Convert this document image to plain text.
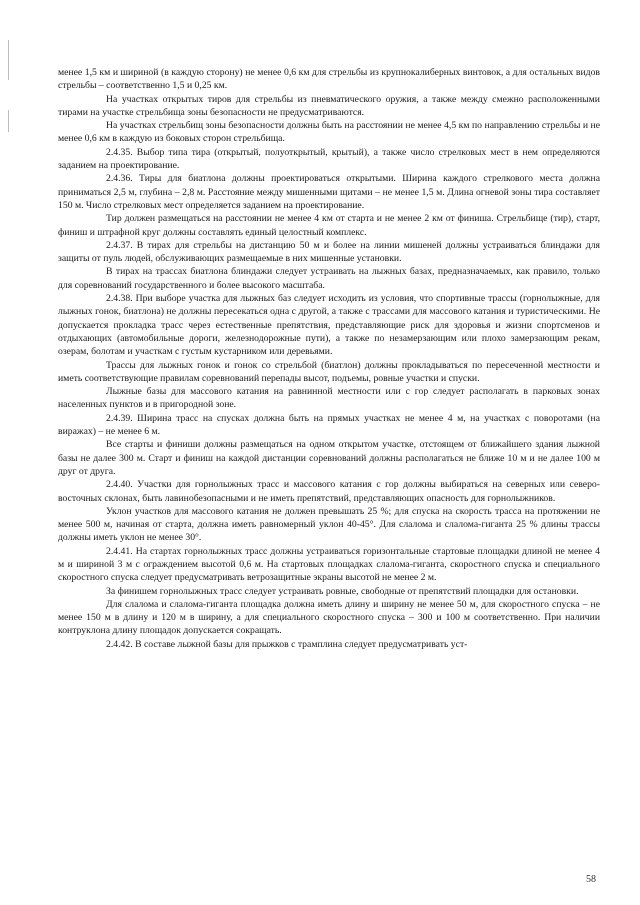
менее 1,5 км и шириной (в каждую сторону) не менее 0,6 км для стрельбы из крупнокалиберных винтовок, а для остальных видов стрельбы – соответственно 1,5 и 0,25 км.

На участках открытых тиров для стрельбы из пневматического оружия, а также между смежно расположенными тирами на участке стрельбища зоны безопасности не предусматриваются.

На участках стрельбищ зоны безопасности должны быть на расстоянии не менее 4,5 км по направлению стрельбы и не менее 0,6 км в каждую из боковых сторон стрельбища.

2.4.35. Выбор типа тира (открытый, полуоткрытый, крытый), а также число стрелковых мест в нем определяются заданием на проектирование.

2.4.36. Тиры для биатлона должны проектироваться открытыми. Ширина каждого стрелкового места должна приниматься 2,5 м, глубина – 2,8 м. Расстояние между мишенными щитами – не менее 1,5 м. Длина огневой зоны тира составляет 150 м. Число стрелковых мест определяется заданием на проектирование.

Тир должен размещаться на расстоянии не менее 4 км от старта и не менее 2 км от финиша. Стрельбище (тир), старт, финиш и штрафной круг должны составлять единый целостный комплекс.

2.4.37. В тирах для стрельбы на дистанцию 50 м и более на линии мишеней должны устраиваться блиндажи для защиты от пуль людей, обслуживающих размещаемые в них мишенные установки.

В тирах на трассах биатлона блиндажи следует устраивать на лыжных базах, предназначаемых, как правило, только для соревнований государственного и более высокого масштаба.

2.4.38. При выборе участка для лыжных баз следует исходить из условия, что спортивные трассы (горнолыжные, для лыжных гонок, биатлона) не должны пересекаться одна с другой, а также с трассами для массового катания и туристическими. Не допускается прокладка трасс через естественные препятствия, представляющие риск для здоровья и жизни спортсменов и отдыхающих (автомобильные дороги, железнодорожные пути), а также по незамерзающим или плохо замерзающим рекам, озерам, болотам и участкам с густым кустарником или деревьями.

Трассы для лыжных гонок и гонок со стрельбой (биатлон) должны прокладываться по пересеченной местности и иметь соответствующие правилам соревнований перепады высот, подъемы, ровные участки и спуски.

Лыжные базы для массового катания на равнинной местности или с гор следует располагать в парковых зонах населенных пунктов и в пригородной зоне.

2.4.39. Ширина трасс на спусках должна быть на прямых участках не менее 4 м, на участках с поворотами (на виражах) – не менее 6 м.

Все старты и финиши должны размещаться на одном открытом участке, отстоящем от ближайшего здания лыжной базы не далее 300 м. Старт и финиш на каждой дистанции соревнований должны располагаться не ближе 10 м и не далее 100 м друг от друга.

2.4.40. Участки для горнолыжных трасс и массового катания с гор должны выбираться на северных или северо-восточных склонах, быть лавинобезопасными и не иметь препятствий, представляющих опасность для горнолыжников.

Уклон участков для массового катания не должен превышать 25 %; для спуска на скорость трасса на протяжении не менее 500 м, начиная от старта, должна иметь равномерный уклон 40-45°. Для слалома и слалома-гиганта 25 % длины трассы должны иметь уклон не менее 30°.

2.4.41. На стартах горнолыжных трасс должны устраиваться горизонтальные стартовые площадки длиной не менее 4 м и шириной 3 м с ограждением высотой 0,6 м. На стартовых площадках слалома-гиганта, скоростного спуска и специального скоростного спуска следует предусматривать ветрозащитные экраны высотой не менее 2 м.

За финишем горнолыжных трасс следует устраивать ровные, свободные от препятствий площадки для остановки.

Для слалома и слалома-гиганта площадка должна иметь длину и ширину не менее 50 м, для скоростного спуска – не менее 150 м в длину и 120 м в ширину, а для специального скоростного спуска – 300 и 100 м соответственно. При наличии контруклона длину площадок допускается сокращать.

2.4.42. В составе лыжной базы для прыжков с трамплина следует предусматривать уст-

58
